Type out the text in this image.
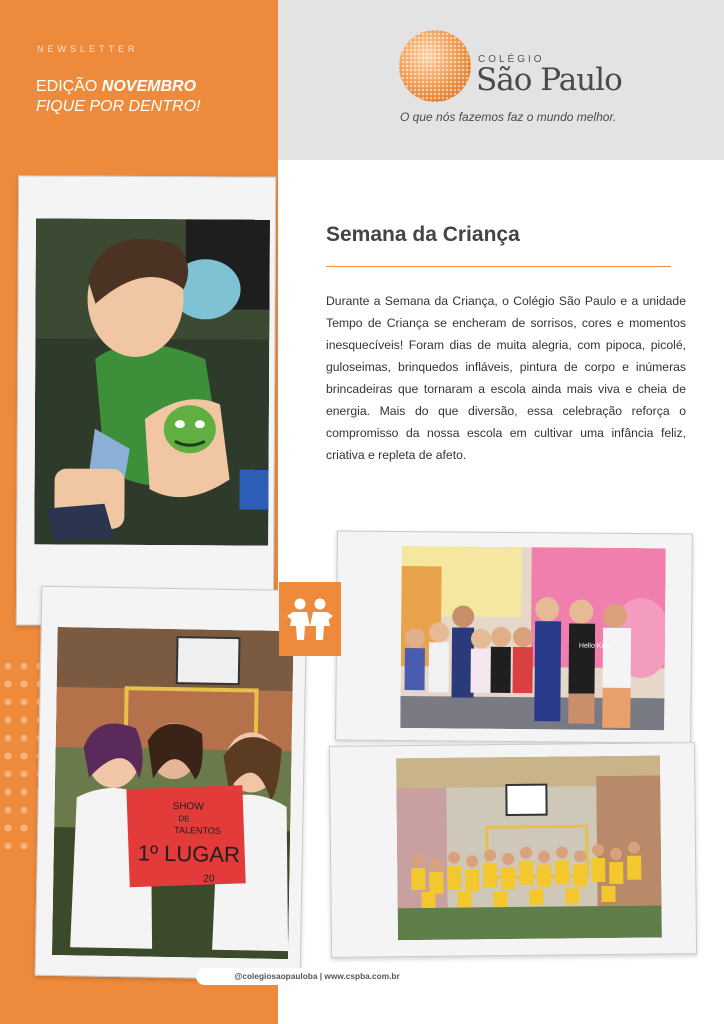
NEWSLETTER
EDIÇÃO NOVEMBRO
FIQUE POR DENTRO!
COLÉGIO
São Paulo
O que nós fazemos faz o mundo melhor.
Semana da Criança

Durante a Semana da Criança, o Colégio São Paulo e a unidade Tempo de Criança se encheram de sorrisos, cores e momentos inesquecíveis! Foram dias de muita alegria, com pipoca, picolé, guloseimas, brinquedos infláveis, pintura de corpo e inúmeras brincadeiras que tornaram a escola ainda mais viva e cheia de energia. Mais do que diversão, essa celebração reforça o compromisso da nossa escola em cultivar uma infância feliz, criativa e repleta de afeto.

Hello Kitty
SHOW
DE
TALENTOS
1º LUGAR
20
@colegiosaopauloba | www.cspba.com.br
